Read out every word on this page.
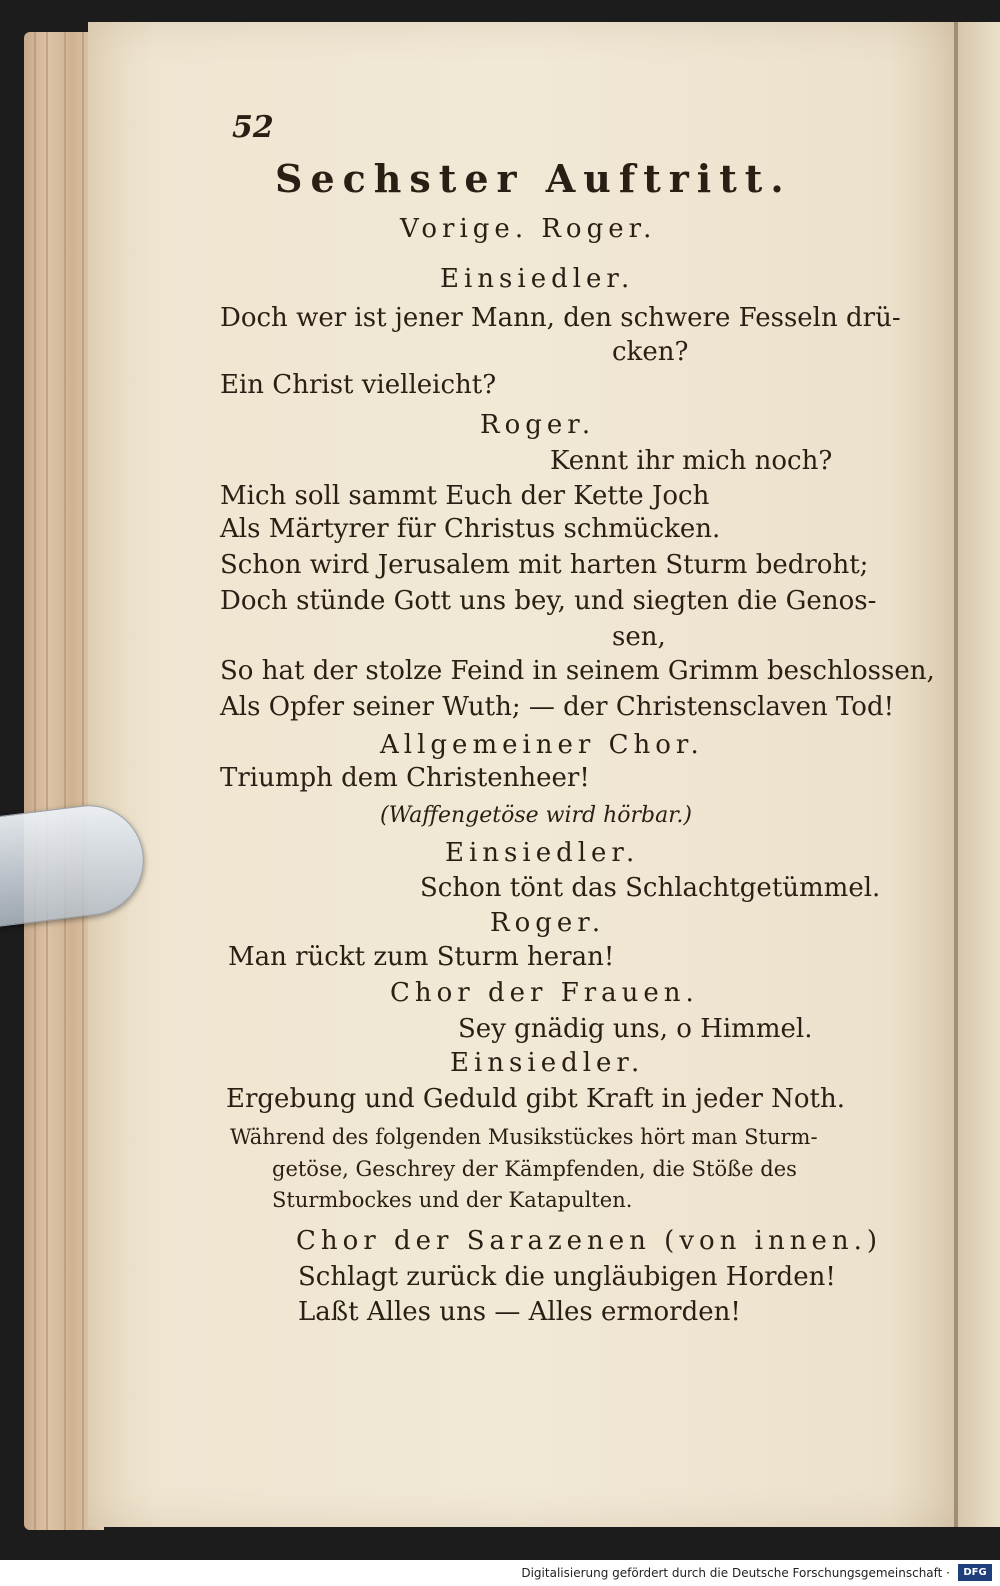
52
Sechster Auftritt.
Vorige. Roger.
Einsiedler.
Doch wer ist jener Mann, den schwere Fesseln drü-
cken?
Ein Christ vielleicht?
Roger.
Kennt ihr mich noch?
Mich soll sammt Euch der Kette Joch
Als Märtyrer für Christus schmücken.
Schon wird Jerusalem mit harten Sturm bedroht;
Doch stünde Gott uns bey, und siegten die Genos-
sen,
So hat der stolze Feind in seinem Grimm beschlossen,
Als Opfer seiner Wuth; — der Christensclaven Tod!
Allgemeiner Chor.
Triumph dem Christenheer!
(Waffengetöse wird hörbar.)
Einsiedler.
Schon tönt das Schlachtgetümmel.
Roger.
Man rückt zum Sturm heran!
Chor der Frauen.
Sey gnädig uns, o Himmel.
Einsiedler.
Ergebung und Geduld gibt Kraft in jeder Noth.
Während des folgenden Musikstückes hört man Sturm-
getöse, Geschrey der Kämpfenden, die Stöße des
Sturmbockes und der Katapulten.
Chor der Sarazenen (von innen.)
Schlagt zurück die ungläubigen Horden!
Laßt Alles uns — Alles ermorden!
Digitalisierung gefördert durch die Deutsche Forschungsgemeinschaft ·	DFG
